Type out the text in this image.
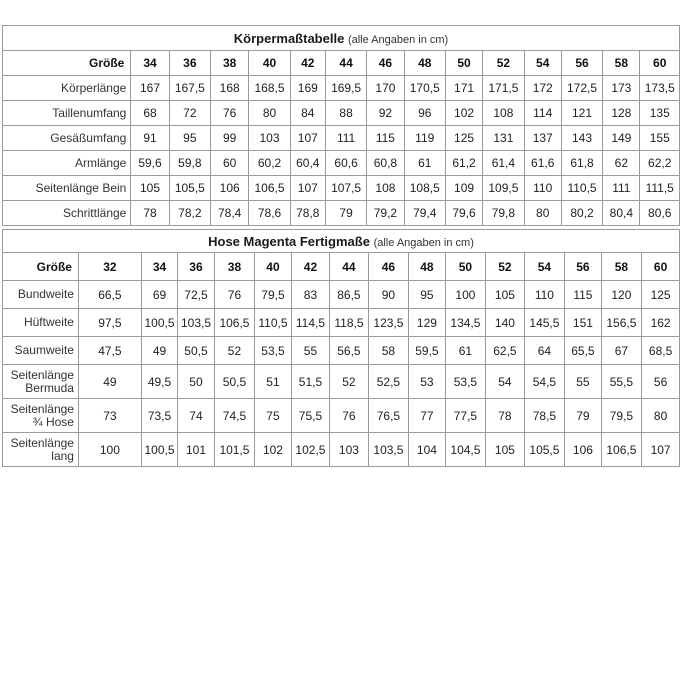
Körpermaßtabelle (alle Angaben in cm)														
Größe	34	36	38	40	42	44	46	48	50	52	54	56	58	60
Körperlänge	167	167,5	168	168,5	169	169,5	170	170,5	171	171,5	172	172,5	173	173,5
Taillenumfang	68	72	76	80	84	88	92	96	102	108	114	121	128	135
Gesäßumfang	91	95	99	103	107	111	115	119	125	131	137	143	149	155
Armlänge	59,6	59,8	60	60,2	60,4	60,6	60,8	61	61,2	61,4	61,6	61,8	62	62,2
Seitenlänge Bein	105	105,5	106	106,5	107	107,5	108	108,5	109	109,5	110	110,5	111	111,5
Schrittlänge	78	78,2	78,4	78,6	78,8	79	79,2	79,4	79,6	79,8	80	80,2	80,4	80,6
Hose Magenta Fertigmaße (alle Angaben in cm)															
Größe	32	34	36	38	40	42	44	46	48	50	52	54	56	58	60
Bundweite	66,5	69	72,5	76	79,5	83	86,5	90	95	100	105	110	115	120	125
Hüftweite	97,5	100,5	103,5	106,5	110,5	114,5	118,5	123,5	129	134,5	140	145,5	151	156,5	162
Saumweite	47,5	49	50,5	52	53,5	55	56,5	58	59,5	61	62,5	64	65,5	67	68,5
Seitenlänge Bermuda	49	49,5	50	50,5	51	51,5	52	52,5	53	53,5	54	54,5	55	55,5	56
Seitenlänge ¾ Hose	73	73,5	74	74,5	75	75,5	76	76,5	77	77,5	78	78,5	79	79,5	80
Seitenlänge lang	100	100,5	101	101,5	102	102,5	103	103,5	104	104,5	105	105,5	106	106,5	107
